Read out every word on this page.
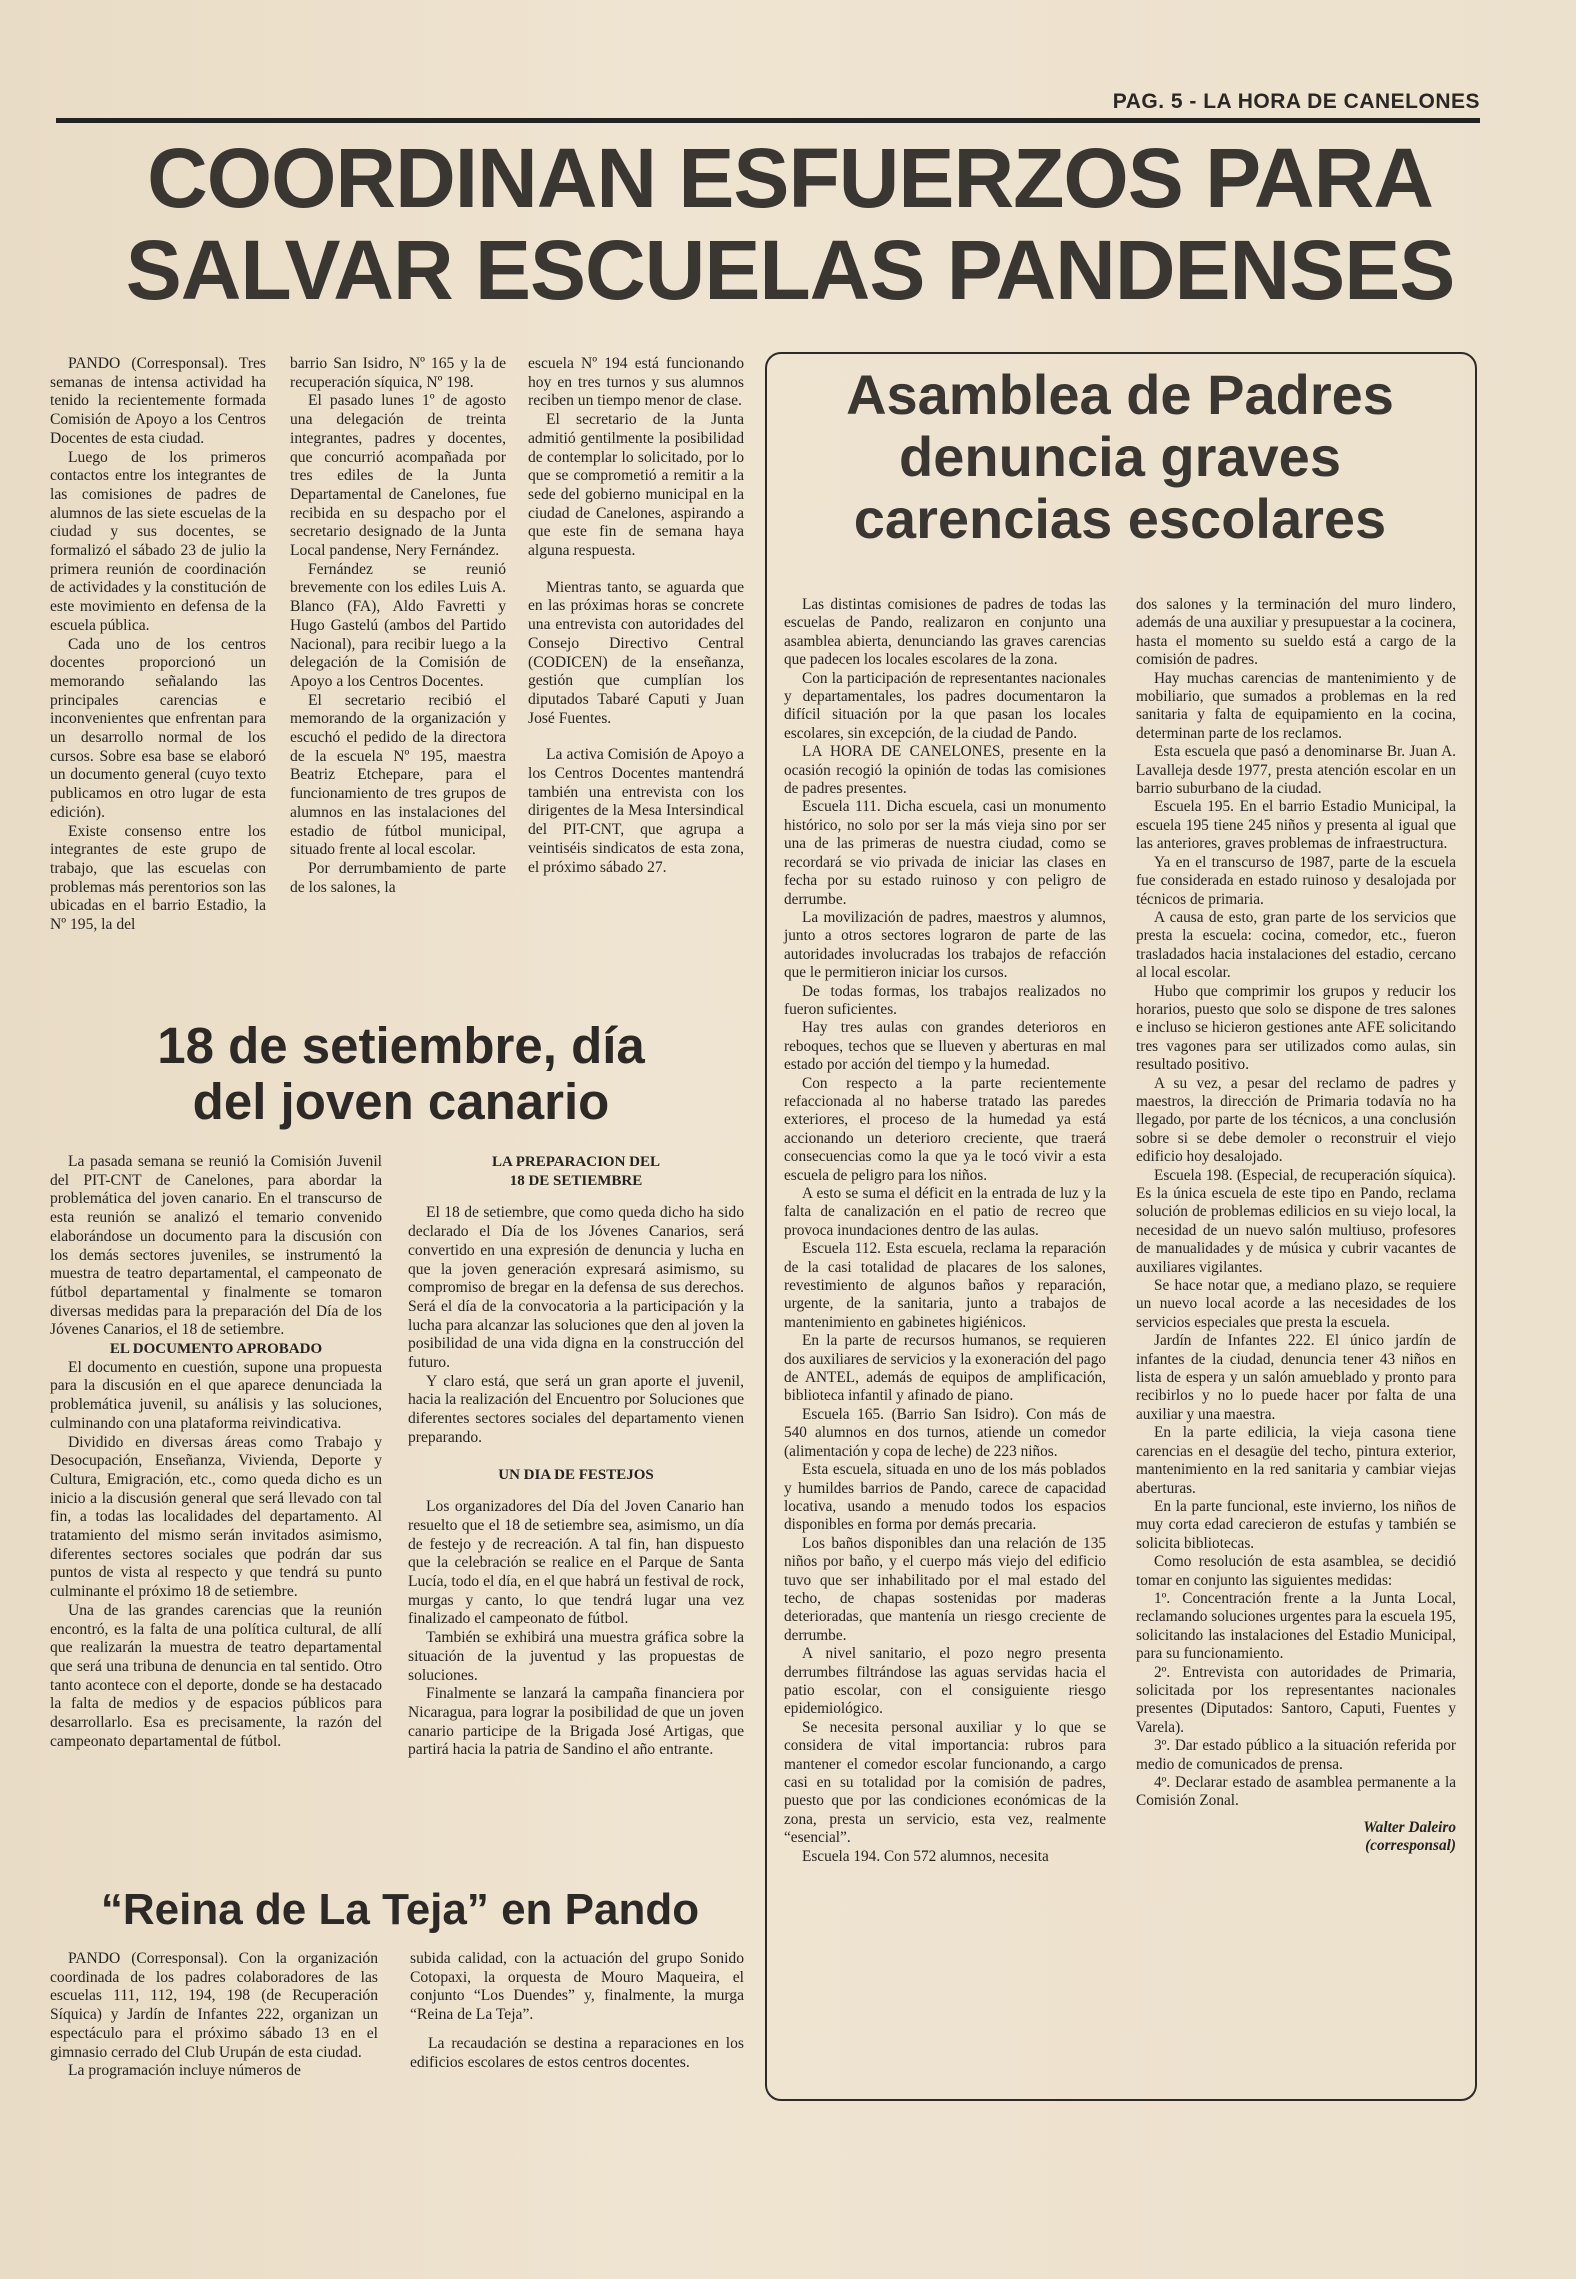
PAG. 5 - LA HORA DE CANELONES
COORDINAN ESFUERZOS PARA
SALVAR ESCUELAS PANDENSES

PANDO (Corresponsal). Tres semanas de intensa actividad ha tenido la recientemente formada Comisión de Apoyo a los Centros Docentes de esta ciudad.

Luego de los primeros contactos entre los integrantes de las comisiones de padres de alumnos de las siete escuelas de la ciudad y sus docentes, se formalizó el sábado 23 de julio la primera reunión de coordinación de actividades y la constitución de este movimiento en defensa de la escuela pública.

Cada uno de los centros docentes proporcionó un memorando señalando las principales carencias e inconvenientes que enfrentan para un desarrollo normal de los cursos. Sobre esa base se elaboró un documento general (cuyo texto publicamos en otro lugar de esta edición).

Existe consenso entre los integrantes de este grupo de trabajo, que las escuelas con problemas más perentorios son las ubicadas en el barrio Estadio, la Nº 195, la del

barrio San Isidro, Nº 165 y la de recuperación síquica, Nº 198.

El pasado lunes 1º de agosto una delegación de treinta integrantes, padres y docentes, que concurrió acompañada por tres ediles de la Junta Departamental de Canelones, fue recibida en su despacho por el secretario designado de la Junta Local pandense, Nery Fernández.

Fernández se reunió brevemente con los ediles Luis A. Blanco (FA), Aldo Favretti y Hugo Gastelú (ambos del Partido Nacional), para recibir luego a la delegación de la Comisión de Apoyo a los Centros Docentes.

El secretario recibió el memorando de la organización y escuchó el pedido de la directora de la escuela Nº 195, maestra Beatriz Etchepare, para el funcionamiento de tres grupos de alumnos en las instalaciones del estadio de fútbol municipal, situado frente al local escolar.

Por derrumbamiento de parte de los salones, la

escuela Nº 194 está funcionando hoy en tres turnos y sus alumnos reciben un tiempo menor de clase.

El secretario de la Junta admitió gentilmente la posibilidad de contemplar lo solicitado, por lo que se comprometió a remitir a la sede del gobierno municipal en la ciudad de Canelones, aspirando a que este fin de semana haya alguna respuesta.

Mientras tanto, se aguarda que en las próximas horas se concrete una entrevista con autoridades del Consejo Directivo Central (CODICEN) de la enseñanza, gestión que cumplían los diputados Tabaré Caputi y Juan José Fuentes.

La activa Comisión de Apoyo a los Centros Docentes mantendrá también una entrevista con los dirigentes de la Mesa Intersindical del PIT-CNT, que agrupa a veintiséis sindicatos de esta zona, el próximo sábado 27.

18 de setiembre, día
del joven canario

La pasada semana se reunió la Comisión Juvenil del PIT-CNT de Canelones, para abordar la problemática del joven canario. En el transcurso de esta reunión se analizó el temario convenido elaborándose un documento para la discusión con los demás sectores juveniles, se instrumentó la muestra de teatro departamental, el campeonato de fútbol departamental y finalmente se tomaron diversas medidas para la preparación del Día de los Jóvenes Canarios, el 18 de setiembre.

EL DOCUMENTO APROBADO

El documento en cuestión, supone una propuesta para la discusión en el que aparece denunciada la problemática juvenil, su análisis y las soluciones, culminando con una plataforma reivindicativa.

Dividido en diversas áreas como Trabajo y Desocupación, Enseñanza, Vivienda, Deporte y Cultura, Emigración, etc., como queda dicho es un inicio a la discusión general que será llevado con tal fin, a todas las localidades del departamento. Al tratamiento del mismo serán invitados asimismo, diferentes sectores sociales que podrán dar sus puntos de vista al respecto y que tendrá su punto culminante el próximo 18 de setiembre.

Una de las grandes carencias que la reunión encontró, es la falta de una política cultural, de allí que realizarán la muestra de teatro departamental que será una tribuna de denuncia en tal sentido. Otro tanto acontece con el deporte, donde se ha destacado la falta de medios y de espacios públicos para desarrollarlo. Esa es precisamente, la razón del campeonato departamental de fútbol.

LA PREPARACION DEL

18 DE SETIEMBRE

El 18 de setiembre, que como queda dicho ha sido declarado el Día de los Jóvenes Canarios, será convertido en una expresión de denuncia y lucha en que la joven generación expresará asimismo, su compromiso de bregar en la defensa de sus derechos. Será el día de la convocatoria a la participación y la lucha para alcanzar las soluciones que den al joven la posibilidad de una vida digna en la construcción del futuro.

Y claro está, que será un gran aporte el juvenil, hacia la realización del Encuentro por Soluciones que diferentes sectores sociales del departamento vienen preparando.

UN DIA DE FESTEJOS

Los organizadores del Día del Joven Canario han resuelto que el 18 de setiembre sea, asimismo, un día de festejo y de recreación. A tal fin, han dispuesto que la celebración se realice en el Parque de Santa Lucía, todo el día, en el que habrá un festival de rock, murgas y canto, lo que tendrá lugar una vez finalizado el campeonato de fútbol.

También se exhibirá una muestra gráfica sobre la situación de la juventud y las propuestas de soluciones.

Finalmente se lanzará la campaña financiera por Nicaragua, para lograr la posibilidad de que un joven canario participe de la Brigada José Artigas, que partirá hacia la patria de Sandino el año entrante.

“Reina de La Teja” en Pando

PANDO (Corresponsal). Con la organización coordinada de los padres colaboradores de las escuelas 111, 112, 194, 198 (de Recuperación Síquica) y Jardín de Infantes 222, organizan un espectáculo para el próximo sábado 13 en el gimnasio cerrado del Club Urupán de esta ciudad.

La programación incluye números de

subida calidad, con la actuación del grupo Sonido Cotopaxi, la orquesta de Mouro Maqueira, el conjunto “Los Duendes” y, finalmente, la murga “Reina de La Teja”.

La recaudación se destina a reparaciones en los edificios escolares de estos centros docentes.

Asamblea de Padres
denuncia graves
carencias escolares

Las distintas comisiones de padres de todas las escuelas de Pando, realizaron en conjunto una asamblea abierta, denunciando las graves carencias que padecen los locales escolares de la zona.

Con la participación de representantes nacionales y departamentales, los padres documentaron la difícil situación por la que pasan los locales escolares, sin excepción, de la ciudad de Pando.

LA HORA DE CANELONES, presente en la ocasión recogió la opinión de todas las comisiones de padres presentes.

Escuela 111. Dicha escuela, casi un monumento histórico, no solo por ser la más vieja sino por ser una de las primeras de nuestra ciudad, como se recordará se vio privada de iniciar las clases en fecha por su estado ruinoso y con peligro de derrumbe.

La movilización de padres, maestros y alumnos, junto a otros sectores lograron de parte de las autoridades involucradas los trabajos de refacción que le permitieron iniciar los cursos.

De todas formas, los trabajos realizados no fueron suficientes.

Hay tres aulas con grandes deterioros en reboques, techos que se llueven y aberturas en mal estado por acción del tiempo y la humedad.

Con respecto a la parte recientemente refaccionada al no haberse tratado las paredes exteriores, el proceso de la humedad ya está accionando un deterioro creciente, que traerá consecuencias como la que ya le tocó vivir a esta escuela de peligro para los niños.

A esto se suma el déficit en la entrada de luz y la falta de canalización en el patio de recreo que provoca inundaciones dentro de las aulas.

Escuela 112. Esta escuela, reclama la reparación de la casi totalidad de placares de los salones, revestimiento de algunos baños y reparación, urgente, de la sanitaria, junto a trabajos de mantenimiento en gabinetes higiénicos.

En la parte de recursos humanos, se requieren dos auxiliares de servicios y la exoneración del pago de ANTEL, además de equipos de amplificación, biblioteca infantil y afinado de piano.

Escuela 165. (Barrio San Isidro). Con más de 540 alumnos en dos turnos, atiende un comedor (alimentación y copa de leche) de 223 niños.

Esta escuela, situada en uno de los más poblados y humildes barrios de Pando, carece de capacidad locativa, usando a menudo todos los espacios disponibles en forma por demás precaria.

Los baños disponibles dan una relación de 135 niños por baño, y el cuerpo más viejo del edificio tuvo que ser inhabilitado por el mal estado del techo, de chapas sostenidas por maderas deterioradas, que mantenía un riesgo creciente de derrumbe.

A nivel sanitario, el pozo negro presenta derrumbes filtrándose las aguas servidas hacia el patio escolar, con el consiguiente riesgo epidemiológico.

Se necesita personal auxiliar y lo que se considera de vital importancia: rubros para mantener el comedor escolar funcionando, a cargo casi en su totalidad por la comisión de padres, puesto que por las condiciones económicas de la zona, presta un servicio, esta vez, realmente “esencial”.

Escuela 194. Con 572 alumnos, necesita

dos salones y la terminación del muro lindero, además de una auxiliar y presupuestar a la cocinera, hasta el momento su sueldo está a cargo de la comisión de padres.

Hay muchas carencias de mantenimiento y de mobiliario, que sumados a problemas en la red sanitaria y falta de equipamiento en la cocina, determinan parte de los reclamos.

Esta escuela que pasó a denominarse Br. Juan A. Lavalleja desde 1977, presta atención escolar en un barrio suburbano de la ciudad.

Escuela 195. En el barrio Estadio Municipal, la escuela 195 tiene 245 niños y presenta al igual que las anteriores, graves problemas de infraestructura.

Ya en el transcurso de 1987, parte de la escuela fue considerada en estado ruinoso y desalojada por técnicos de primaria.

A causa de esto, gran parte de los servicios que presta la escuela: cocina, comedor, etc., fueron trasladados hacia instalaciones del estadio, cercano al local escolar.

Hubo que comprimir los grupos y reducir los horarios, puesto que solo se dispone de tres salones e incluso se hicieron gestiones ante AFE solicitando tres vagones para ser utilizados como aulas, sin resultado positivo.

A su vez, a pesar del reclamo de padres y maestros, la dirección de Primaria todavía no ha llegado, por parte de los técnicos, a una conclusión sobre si se debe demoler o reconstruir el viejo edificio hoy desalojado.

Escuela 198. (Especial, de recuperación síquica). Es la única escuela de este tipo en Pando, reclama solución de problemas edilicios en su viejo local, la necesidad de un nuevo salón multiuso, profesores de manualidades y de música y cubrir vacantes de auxiliares vigilantes.

Se hace notar que, a mediano plazo, se requiere un nuevo local acorde a las necesidades de los servicios especiales que presta la escuela.

Jardín de Infantes 222. El único jardín de infantes de la ciudad, denuncia tener 43 niños en lista de espera y un salón amueblado y pronto para recibirlos y no lo puede hacer por falta de una auxiliar y una maestra.

En la parte edilicia, la vieja casona tiene carencias en el desagüe del techo, pintura exterior, mantenimiento en la red sanitaria y cambiar viejas aberturas.

En la parte funcional, este invierno, los niños de muy corta edad carecieron de estufas y también se solicita bibliotecas.

Como resolución de esta asamblea, se decidió tomar en conjunto las siguientes medidas:

1º. Concentración frente a la Junta Local, reclamando soluciones urgentes para la escuela 195, solicitando las instalaciones del Estadio Municipal, para su funcionamiento.

2º. Entrevista con autoridades de Primaria, solicitada por los representantes nacionales presentes (Diputados: Santoro, Caputi, Fuentes y Varela).

3º. Dar estado público a la situación referida por medio de comunicados de prensa.

4º. Declarar estado de asamblea permanente a la Comisión Zonal.

Walter Daleiro

(corresponsal)
